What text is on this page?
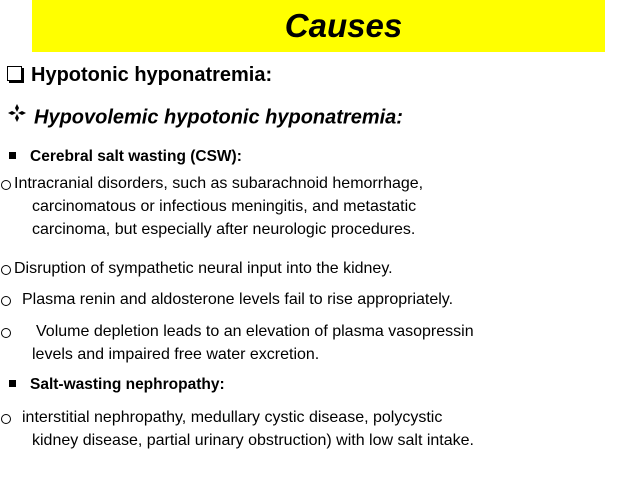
Causes
Hypotonic hyponatremia:
Hypovolemic hypotonic hyponatremia:
Cerebral salt wasting (CSW):
Intracranial disorders, such as subarachnoid hemorrhage,
carcinomatous or infectious meningitis, and metastatic
carcinoma, but especially after neurologic procedures.
Disruption of sympathetic neural input into the kidney.
Plasma renin and aldosterone levels fail to rise appropriately.
Volume depletion leads to an elevation of plasma vasopressin
levels and impaired free water excretion.
Salt-wasting nephropathy:
interstitial nephropathy, medullary cystic disease, polycystic
kidney disease, partial urinary obstruction) with low salt intake.
